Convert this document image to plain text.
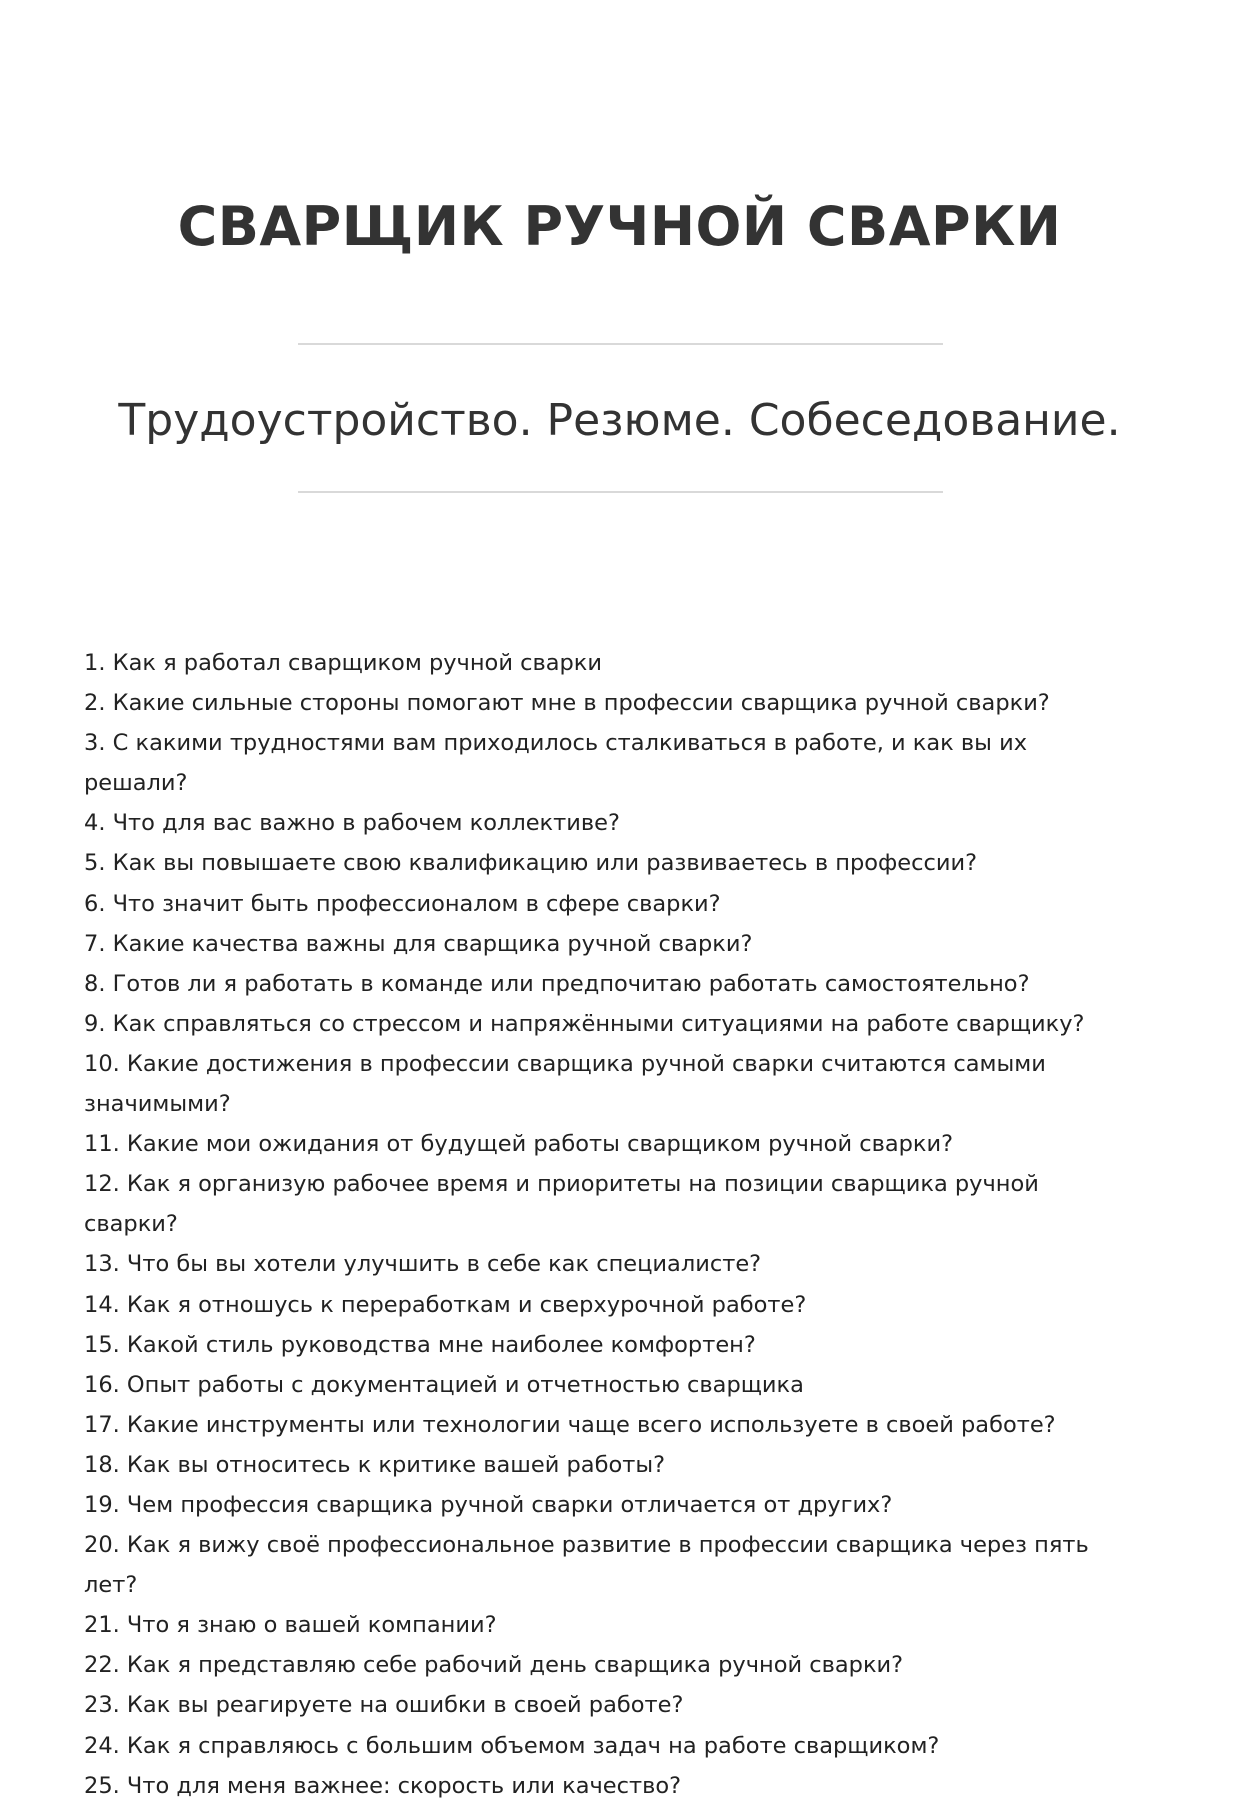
СВАРЩИК РУЧНОЙ СВАРКИ
Трудоустройство. Резюме. Собеседование.
1. Как я работал сварщиком ручной сварки
2. Какие сильные стороны помогают мне в профессии сварщика ручной сварки?
3. С какими трудностями вам приходилось сталкиваться в работе, и как вы их решали?
4. Что для вас важно в рабочем коллективе?
5. Как вы повышаете свою квалификацию или развиваетесь в профессии?
6. Что значит быть профессионалом в сфере сварки?
7. Какие качества важны для сварщика ручной сварки?
8. Готов ли я работать в команде или предпочитаю работать самостоятельно?
9. Как справляться со стрессом и напряжёнными ситуациями на работе сварщику?
10. Какие достижения в профессии сварщика ручной сварки считаются самыми значимыми?
11. Какие мои ожидания от будущей работы сварщиком ручной сварки?
12. Как я организую рабочее время и приоритеты на позиции сварщика ручной сварки?
13. Что бы вы хотели улучшить в себе как специалисте?
14. Как я отношусь к переработкам и сверхурочной работе?
15. Какой стиль руководства мне наиболее комфортен?
16. Опыт работы с документацией и отчетностью сварщика
17. Какие инструменты или технологии чаще всего используете в своей работе?
18. Как вы относитесь к критике вашей работы?
19. Чем профессия сварщика ручной сварки отличается от других?
20. Как я вижу своё профессиональное развитие в профессии сварщика через пять лет?
21. Что я знаю о вашей компании?
22. Как я представляю себе рабочий день сварщика ручной сварки?
23. Как вы реагируете на ошибки в своей работе?
24. Как я справляюсь с большим объемом задач на работе сварщиком?
25. Что для меня важнее: скорость или качество?
